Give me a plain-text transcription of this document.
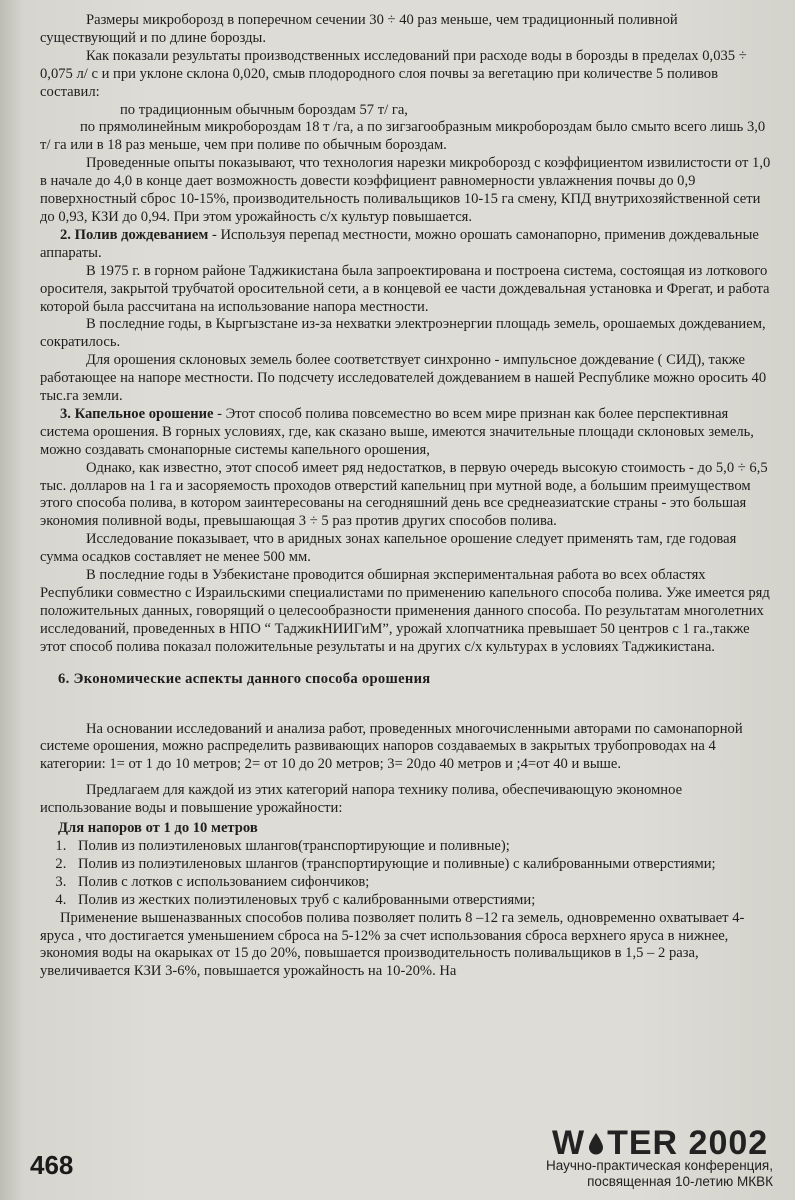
Размеры микроборозд в поперечном сечении 30 ÷ 40 раз меньше, чем традиционный поливной существующий и по длине борозды.

Как показали результаты производственных исследований при расходе воды в борозды в пределах 0,035 ÷ 0,075 л/ с и при уклоне склона 0,020, смыв плодородного слоя почвы за вегетацию при количестве 5 поливов составил:

по традиционным обычным бороздам 57 т/ га,

по прямолинейным микробороздам 18 т /га, а по зигзагообразным микробороздам было смыто всего лишь 3,0 т/ га или в 18 раз меньше, чем при поливе по обычным бороздам.

Проведенные опыты показывают, что технология нарезки микроборозд с коэффициентом извилистости от 1,0 в начале до 4,0 в конце дает возможность довести коэффициент равномерности увлажнения почвы до 0,9 поверхностный сброс 10-15%, производительность поливальщиков 10-15 га смену, КПД внутрихозяйственной сети до 0,93, КЗИ до 0,94. При этом урожайность с/х культур повышается.

2. Полив дождеванием - Используя перепад местности, можно орошать самонапорно, применив дождевальные аппараты.

В 1975 г. в горном районе Таджикистана была запроектирована и построена система, состоящая из лоткового оросителя, закрытой трубчатой оросительной сети, а в концевой ее части дождевальная установка и Фрегат, и работа которой была рассчитана на использование напора местности.

В последние годы, в Кыргызстане из-за нехватки электроэнергии площадь земель, орошаемых дождеванием, сократилось.

Для орошения склоновых земель более соответствует синхронно - импульсное дождевание ( СИД), также работающее на напоре местности. По подсчету исследователей дождеванием в нашей Республике можно оросить 40 тыс.га земли.

3. Капельное орошение - Этот способ полива повсеместно во всем мире признан как более перспективная система орошения. В горных условиях, где, как сказано выше, имеются значительные площади склоновых земель, можно создавать смонапорные системы капельного орошения,

Однако, как известно, этот способ имеет ряд недостатков, в первую очередь высокую стоимость - до 5,0 ÷ 6,5 тыс. долларов на 1 га и засоряемость проходов отверстий капельниц при мутной воде, а большим преимуществом этого способа полива, в котором заинтересованы на сегодняшний день все среднеазиатские страны - это большая экономия поливной воды, превышающая 3 ÷ 5 раз против других способов полива.

Исследование показывает, что в аридных зонах капельное орошение следует применять там, где годовая сумма осадков составляет не менее 500 мм.

В последние годы в Узбекистане проводится обширная экспериментальная работа во всех областях Республики совместно с Израильскими специалистами по применению капельного способа полива. Уже имеется ряд положительных данных, говорящий о целесообразности применения данного способа. По результатам многолетних исследований, проведенных в НПО “ ТаджикНИИГиМ”, урожай хлопчатника превышает 50 центров с 1 га.,также этот способ полива показал положительные результаты и на других с/х культурах в условиях Таджикистана.

6. Экономические аспекты данного способа орошения

На основании исследований и анализа работ, проведенных многочисленными авторами по самонапорной системе орошения, можно распределить развивающих напоров создаваемых в закрытых трубопроводах на 4 категории: 1= от 1 до 10 метров; 2= от 10 до 20 метров; 3= 20до 40 метров и ;4=от 40 и выше.

Предлагаем для каждой из этих категорий напора технику полива, обеспечивающую экономное использование воды и повышение урожайности:

Для напоров от 1 до 10 метров
1. Полив из полиэтиленовых шлангов(транспортирующие и поливные);
2. Полив из полиэтиленовых шлангов (транспортирующие и поливные) с калиброванными отверстиями;
3. Полив с лотков с использованием сифончиков;
4. Полив из жестких полиэтиленовых труб с калиброванными отверстиями;

Применение вышеназванных способов полива позволяет полить 8 –12 га земель, одновременно охватывает 4- яруса , что достигается уменьшением сброса на 5-12% за счет использования сброса верхнего яруса в нижнее, экономия воды на окарыках от 15 до 20%, повышается производительность поливальщиков в 1,5 – 2 раза, увеличивается КЗИ 3-6%, повышается урожайность на 10-20%. На

468
W TER 2002
Научно-практическая конференция,
посвященная 10-летию МКВК
